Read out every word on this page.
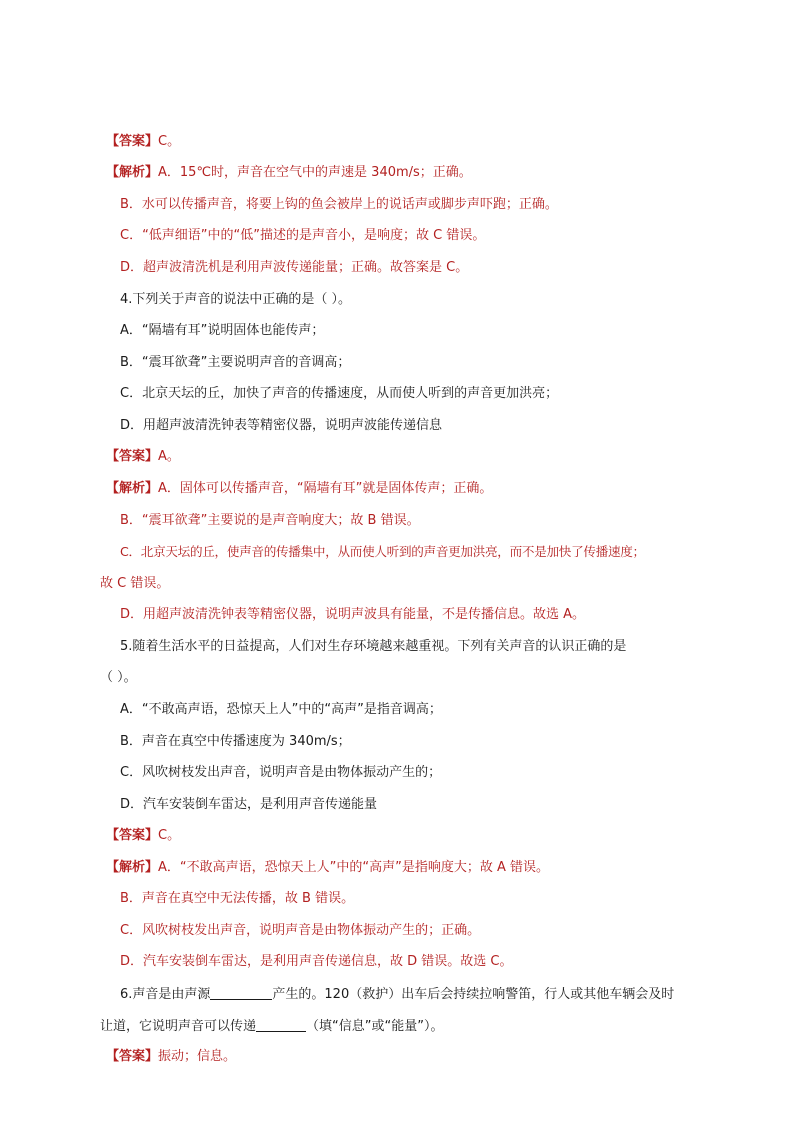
【答案】C。
【解析】A．15℃时，声音在空气中的声速是 340m/s；正确。
B．水可以传播声音，将要上钩的鱼会被岸上的说话声或脚步声吓跑；正确。
C．“低声细语”中的“低”描述的是声音小，是响度；故 C 错误。
D．超声波清洗机是利用声波传递能量；正确。故答案是 C。
4.下列关于声音的说法中正确的是（ ）。
A．“隔墙有耳”说明固体也能传声；
B．“震耳欲聋”主要说明声音的音调高；
C．北京天坛的丘，加快了声音的传播速度，从而使人听到的声音更加洪亮；
D．用超声波清洗钟表等精密仪器，说明声波能传递信息
【答案】A。
【解析】A．固体可以传播声音，“隔墙有耳”就是固体传声；正确。
B．“震耳欲聋”主要说的是声音响度大；故 B 错误。
C．北京天坛的丘，使声音的传播集中，从而使人听到的声音更加洪亮，而不是加快了传播速度；
故 C 错误。
D．用超声波清洗钟表等精密仪器，说明声波具有能量，不是传播信息。故选 A。
5.随着生活水平的日益提高，人们对生存环境越来越重视。下列有关声音的认识正确的是
（ ）。
A．“不敢高声语，恐惊天上人”中的“高声”是指音调高；
B．声音在真空中传播速度为 340m/s；
C．风吹树枝发出声音，说明声音是由物体振动产生的；
D．汽车安装倒车雷达，是利用声音传递能量
【答案】C。
【解析】A．“不敢高声语，恐惊天上人”中的“高声”是指响度大；故 A 错误。
B．声音在真空中无法传播，故 B 错误。
C．风吹树枝发出声音，说明声音是由物体振动产生的；正确。
D．汽车安装倒车雷达，是利用声音传递信息，故 D 错误。故选 C。
6.声音是由声源	产生的。120（救护）出车后会持续拉响警笛，行人或其他车辆会及时
让道，它说明声音可以传递	（填“信息”或“能量”）。
【答案】振动；信息。
